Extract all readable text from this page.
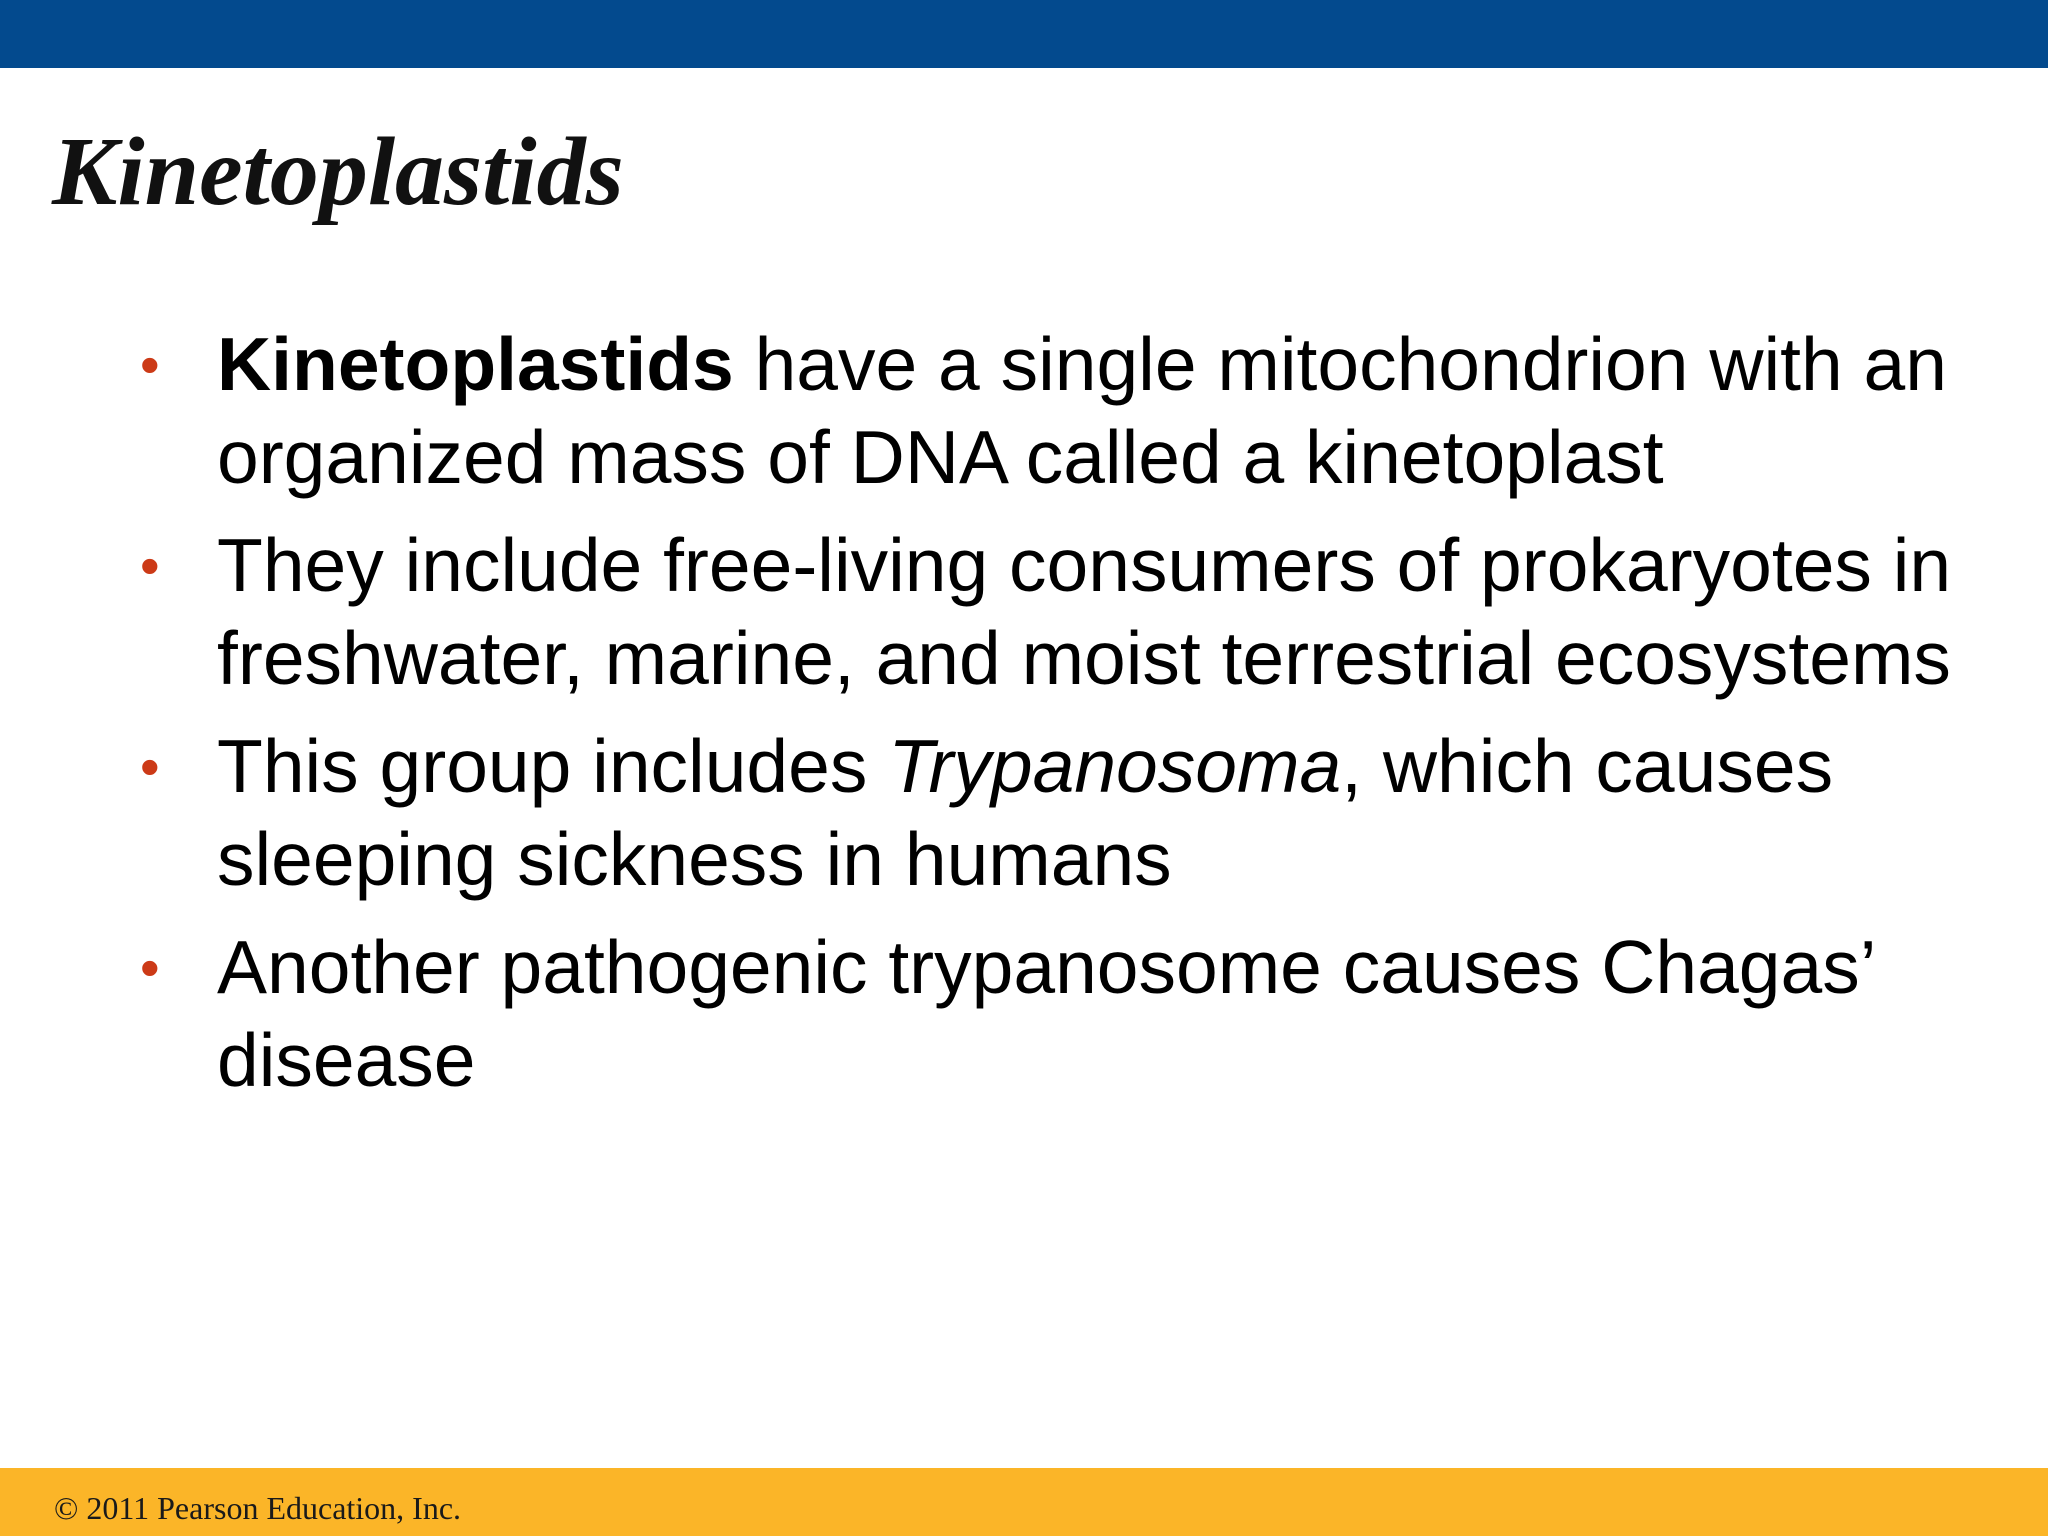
Kinetoplastids
• Kinetoplastids have a single mitochondrion with an organized mass of DNA called a kinetoplast
• They include free-living consumers of prokaryotes in freshwater, marine, and moist terrestrial ecosystems
• This group includes Trypanosoma, which causes sleeping sickness in humans
• Another pathogenic trypanosome causes Chagas’ disease
© 2011 Pearson Education, Inc.
